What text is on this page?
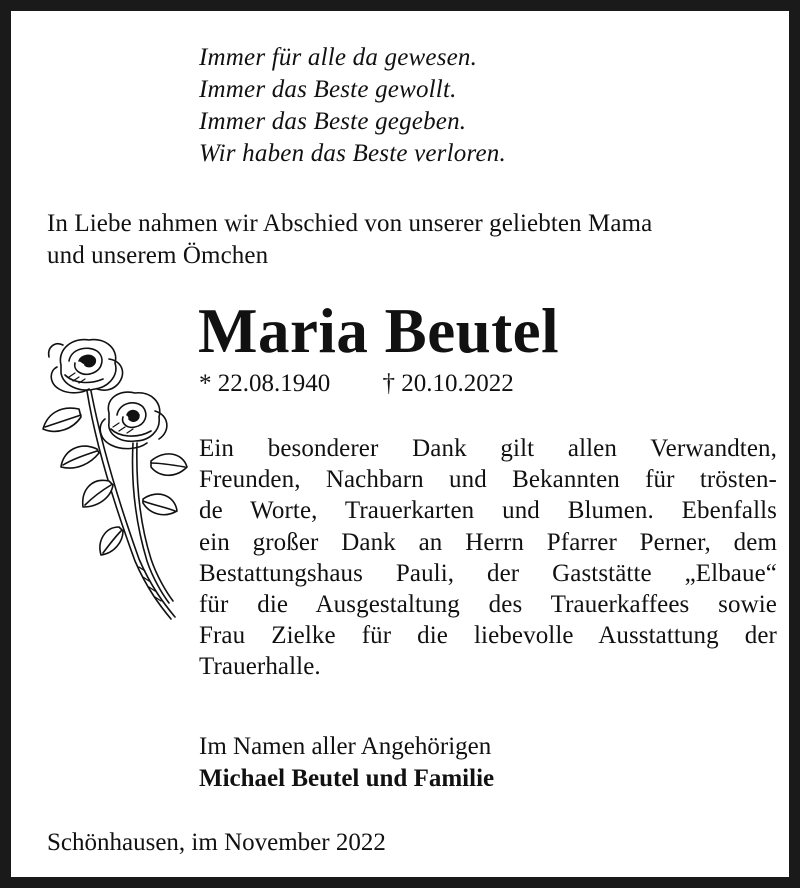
Immer für alle da gewesen.
Immer das Beste gewollt.
Immer das Beste gegeben.
Wir haben das Beste verloren.
In Liebe nahmen wir Abschied von unserer geliebten Mama
und unserem Ömchen
Maria Beutel
* 22.08.1940 † 20.10.2022
Ein besonderer Dank gilt allen Verwandten,
Freunden, Nachbarn und Bekannten für trösten-
de Worte, Trauerkarten und Blumen. Ebenfalls
ein großer Dank an Herrn Pfarrer Perner, dem
Bestattungshaus Pauli, der Gaststätte „Elbaue“
für die Ausgestaltung des Trauerkaffees sowie
Frau Zielke für die liebevolle Ausstattung der
Trauerhalle.
Im Namen aller Angehörigen
Michael Beutel und Familie
Schönhausen, im November 2022
